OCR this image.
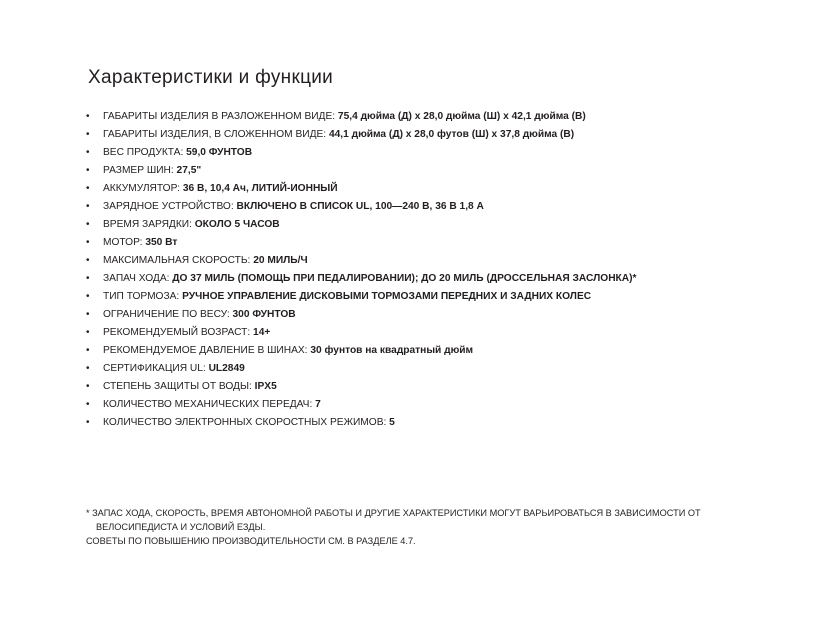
Характеристики и функции
• ГАБАРИТЫ ИЗДЕЛИЯ В РАЗЛОЖЕННОМ ВИДЕ: 75,4 дюйма (Д) x 28,0 дюйма (Ш) x 42,1 дюйма (В)
• ГАБАРИТЫ ИЗДЕЛИЯ, В СЛОЖЕННОМ ВИДЕ: 44,1 дюйма (Д) x 28,0 футов (Ш) x 37,8 дюйма (В)
• ВЕС ПРОДУКТА: 59,0 ФУНТОВ
• РАЗМЕР ШИН: 27,5"
• АККУМУЛЯТОР: 36 В, 10,4 Ач, ЛИТИЙ-ИОННЫЙ
• ЗАРЯДНОЕ УСТРОЙСТВО: ВКЛЮЧЕНО В СПИСОК UL, 100—240 В, 36 В 1,8 А
• ВРЕМЯ ЗАРЯДКИ: ОКОЛО 5 ЧАСОВ
• МОТОР: 350 Вт
• МАКСИМАЛЬНАЯ СКОРОСТЬ: 20 МИЛЬ/Ч
• ЗАПАЧ ХОДА: ДО 37 МИЛЬ (ПОМОЩЬ ПРИ ПЕДАЛИРОВАНИИ); ДО 20 МИЛЬ (ДРОССЕЛЬНАЯ ЗАСЛОНКА)*
• ТИП ТОРМОЗА: РУЧНОЕ УПРАВЛЕНИЕ ДИСКОВЫМИ ТОРМОЗАМИ ПЕРЕДНИХ И ЗАДНИХ КОЛЕС
• ОГРАНИЧЕНИЕ ПО ВЕСУ: 300 ФУНТОВ
• РЕКОМЕНДУЕМЫЙ ВОЗРАСТ: 14+
• РЕКОМЕНДУЕМОЕ ДАВЛЕНИЕ В ШИНАХ: 30 фунтов на квадратный дюйм
• СЕРТИФИКАЦИЯ UL: UL2849
• СТЕПЕНЬ ЗАЩИТЫ ОТ ВОДЫ: IPX5
• КОЛИЧЕСТВО МЕХАНИЧЕСКИХ ПЕРЕДАЧ: 7
• КОЛИЧЕСТВО ЭЛЕКТРОННЫХ СКОРОСТНЫХ РЕЖИМОВ: 5
* ЗАПАС ХОДА, СКОРОСТЬ, ВРЕМЯ АВТОНОМНОЙ РАБОТЫ И ДРУГИЕ ХАРАКТЕРИСТИКИ МОГУТ ВАРЬИРОВАТЬСЯ В ЗАВИСИМОСТИ ОТ
ВЕЛОСИПЕДИСТА И УСЛОВИЙ ЕЗДЫ.
СОВЕТЫ ПО ПОВЫШЕНИЮ ПРОИЗВОДИТЕЛЬНОСТИ СМ. В РАЗДЕЛЕ 4.7.
